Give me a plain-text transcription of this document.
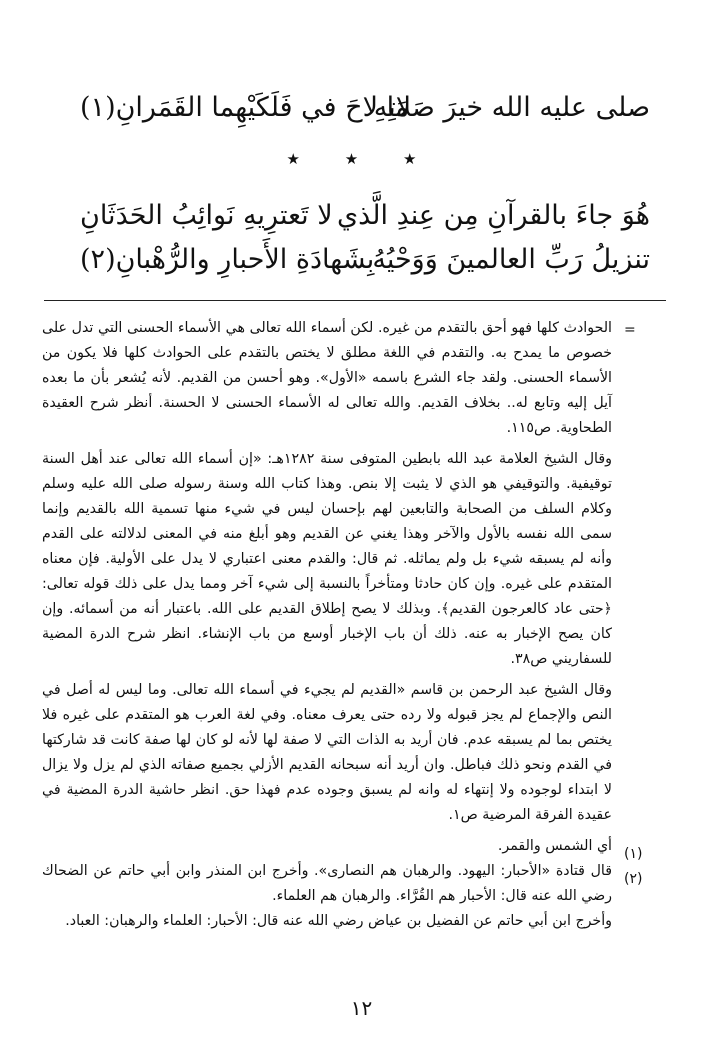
صلى عليه الله خيرَ صَلاتِهِ
مَا لاحَ في فَلَكَيْهِما القَمَرانِ(١)
★ ★ ★
هُوَ جاءَ بالقرآنِ مِن عِندِ الَّذي
لا تَعترِيهِ نَوائِبُ الحَدَثَانِ
تنزيلُ رَبِّ العالمينَ وَوَحْيُهُ
بِشَهادَةِ الأَحبارِ والرُّهْبانِ(٢)
=
(١)
(٢)

الحوادث كلها فهو أحق بالتقدم من غيره. لكن أسماء الله تعالى هي الأسماء الحسنى التي تدل على خصوص ما يمدح به. والتقدم في اللغة مطلق لا يختص بالتقدم على الحوادث كلها فلا يكون من الأسماء الحسنى. ولقد جاء الشرع باسمه «الأول». وهو أحسن من القديم. لأنه يُشعر بأن ما بعده آيل إليه وتابع له.. بخلاف القديم. والله تعالى له الأسماء الحسنى لا الحسنة. أنظر شرح العقيدة الطحاوية. ص١١٥.

وقال الشيخ العلامة عبد الله بابطين المتوفى سنة ١٢٨٢هـ: «إن أسماء الله تعالى عند أهل السنة توقيفية. والتوقيفي هو الذي لا يثبت إلا بنص. وهذا كتاب الله وسنة رسوله صلى الله عليه وسلم وكلام السلف من الصحابة والتابعين لهم بإحسان ليس في شيء منها تسمية الله بالقديم وإنما سمى الله نفسه بالأول والآخر وهذا يغني عن القديم وهو أبلغ منه في المعنى لدلالته على القدم وأنه لم يسبقه شيء بل ولم يماثله. ثم قال: والقدم معنى اعتباري لا يدل على الأولية. فإن معناه المتقدم على غيره. وإن كان حادثا ومتأخراً بالنسبة إلى شيء آخر ومما يدل على ذلك قوله تعالى: ﴿حتى عاد كالعرجون القديم﴾. وبذلك لا يصح إطلاق القديم على الله. باعتبار أنه من أسمائه. وإن كان يصح الإخبار به عنه. ذلك أن باب الإخبار أوسع من باب الإنشاء. انظر شرح الدرة المضية للسفاريني ص٣٨.

وقال الشيخ عبد الرحمن بن قاسم «القديم لم يجيء في أسماء الله تعالى. وما ليس له أصل في النص والإجماع لم يجز قبوله ولا رده حتى يعرف معناه. وفي لغة العرب هو المتقدم على غيره فلا يختص بما لم يسبقه عدم. فان أريد به الذات التي لا صفة لها لأنه لو كان لها صفة كانت قد شاركتها في القدم ونحو ذلك فباطل. وان أريد أنه سبحانه القديم الأزلي بجميع صفاته الذي لم يزل ولا يزال لا ابتداء لوجوده ولا إنتهاء له وانه لم يسبق وجوده عدم فهذا حق. انظر حاشية الدرة المضية في عقيدة الفرقة المرضية ص١.

أي الشمس والقمر.

قال قتادة «الأحبار: اليهود. والرهبان هم النصارى». وأخرج ابن المنذر وابن أبي حاتم عن الضحاك رضي الله عنه قال: الأحبار هم القُرَّاء. والرهبان هم العلماء.

وأخرج ابن أبي حاتم عن الفضيل بن عياض رضي الله عنه قال: الأحبار: العلماء والرهبان: العباد.

١٢
